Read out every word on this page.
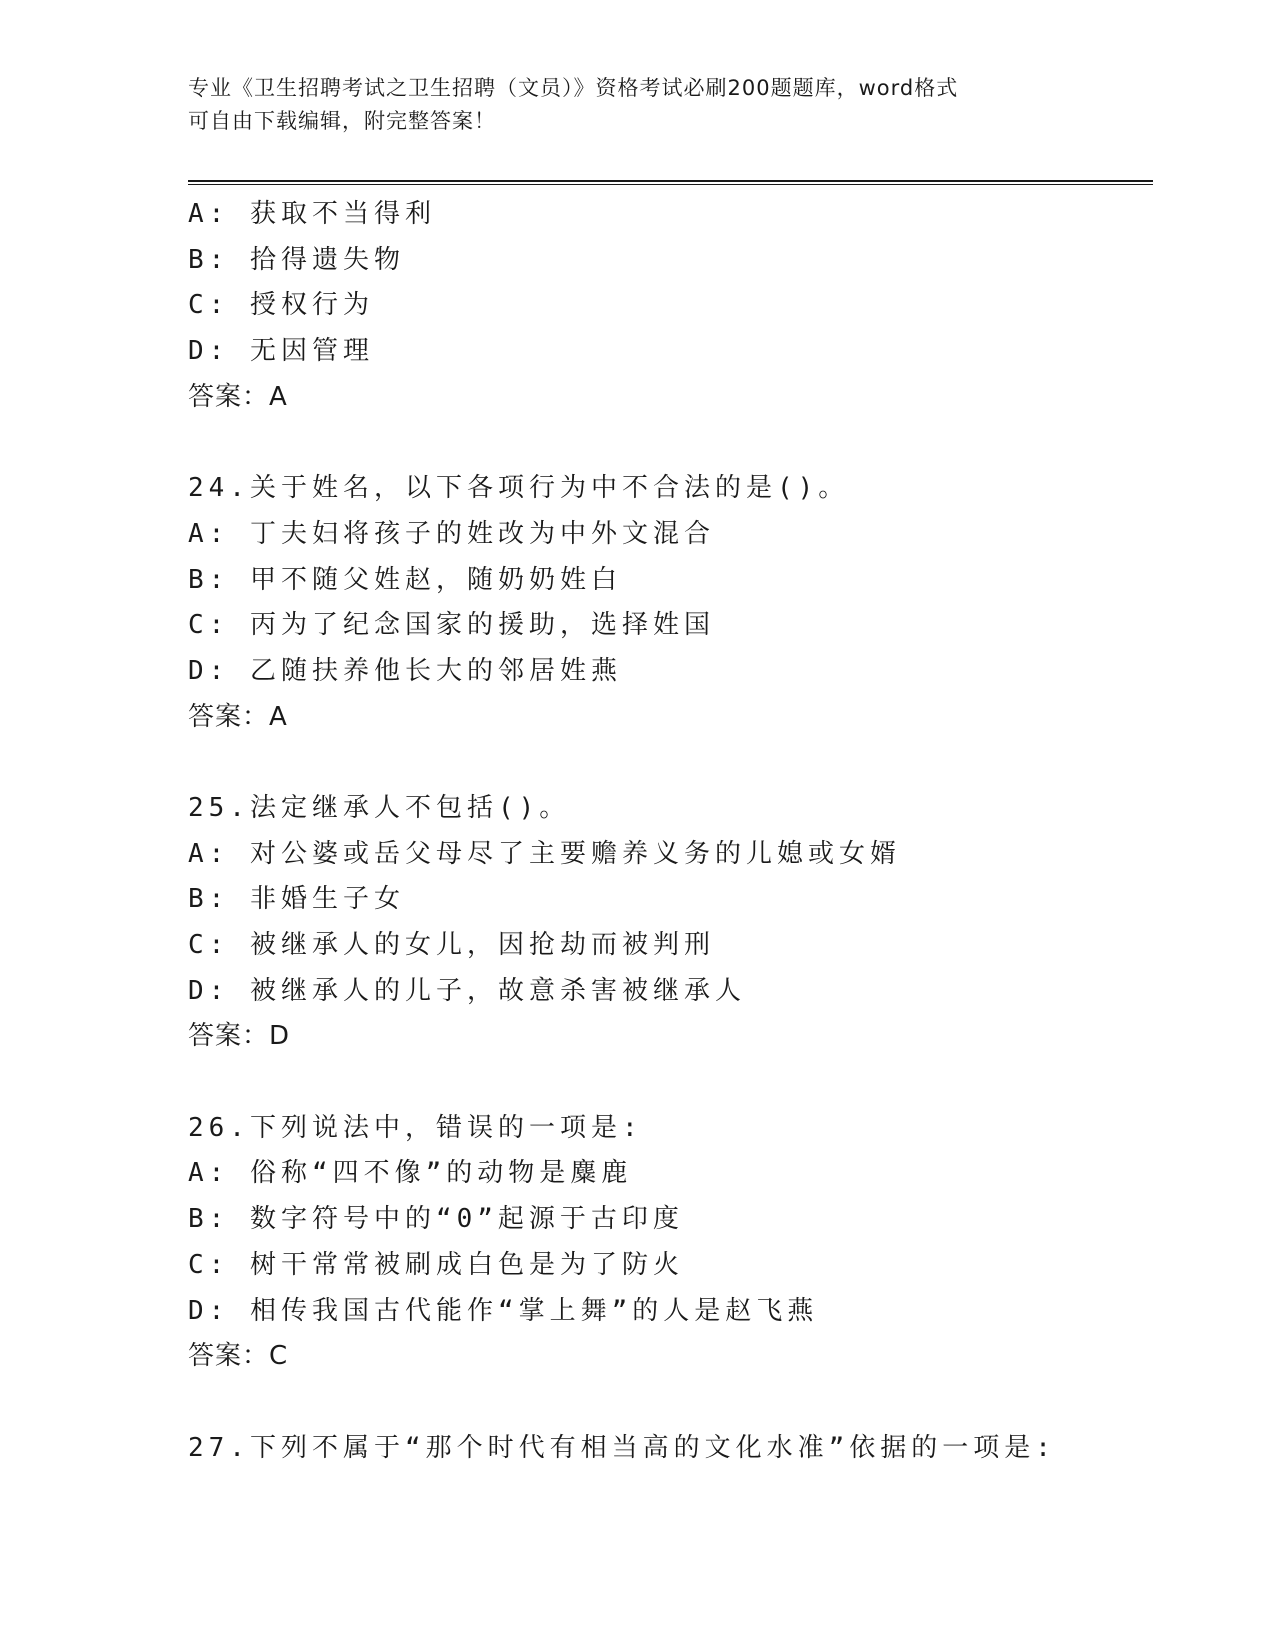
专业《卫生招聘考试之卫生招聘（文员）》资格考试必刷200题题库，word格式
可自由下载编辑，附完整答案！
A: 获取不当得利
B: 拾得遗失物
C: 授权行为
D: 无因管理
答案：A
24.关于姓名，以下各项行为中不合法的是()。
A: 丁夫妇将孩子的姓改为中外文混合
B: 甲不随父姓赵，随奶奶姓白
C: 丙为了纪念国家的援助，选择姓国
D: 乙随扶养他长大的邻居姓燕
答案：A
25.法定继承人不包括()。
A: 对公婆或岳父母尽了主要赡养义务的儿媳或女婿
B: 非婚生子女
C: 被继承人的女儿，因抢劫而被判刑
D: 被继承人的儿子，故意杀害被继承人
答案：D
26.下列说法中，错误的一项是:
A: 俗称“四不像”的动物是麋鹿
B: 数字符号中的“0”起源于古印度
C: 树干常常被刷成白色是为了防火
D: 相传我国古代能作“掌上舞”的人是赵飞燕
答案：C
27.下列不属于“那个时代有相当高的文化水准”依据的一项是:
